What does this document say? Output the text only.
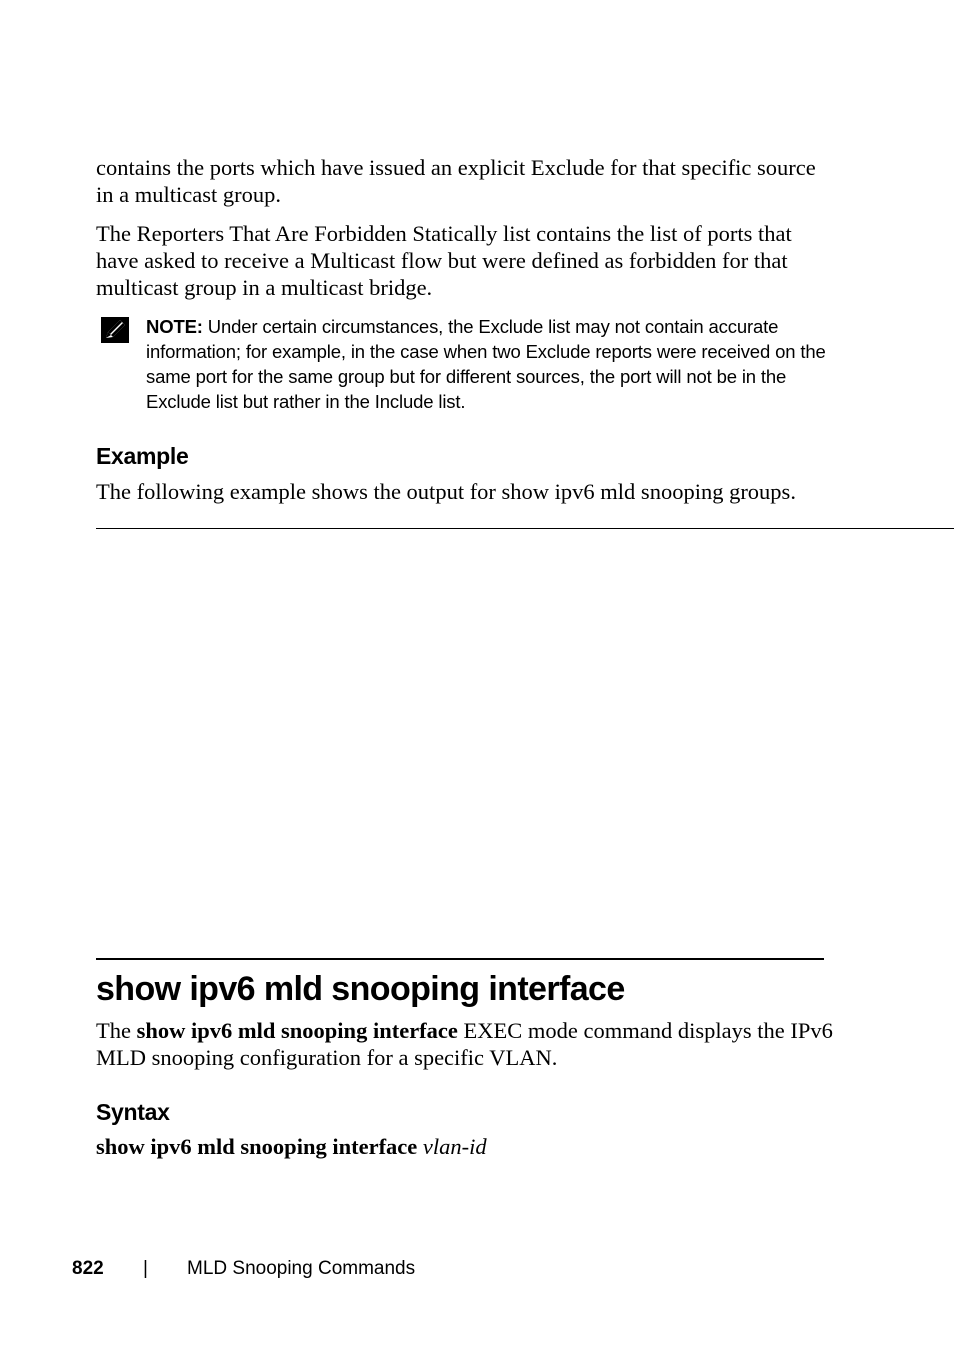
contains the ports which have issued an explicit Exclude for that specific source in a multicast group.

The Reporters That Are Forbidden Statically list contains the list of ports that have asked to receive a Multicast flow but were defined as forbidden for that multicast group in a multicast bridge.

NOTE: Under certain circumstances, the Exclude list may not contain accurate information; for example, in the case when two Exclude reports were received on the same port for the same group but for different sources, the port will not be in the Exclude list but rather in the Include list.

Example

The following example shows the output for show ipv6 mld snooping groups.

show ipv6 mld snooping interface

The show ipv6 mld snooping interface EXEC mode command displays the IPv6 MLD snooping configuration for a specific VLAN.

Syntax

show ipv6 mld snooping interface vlan-id

822 | MLD Snooping Commands
